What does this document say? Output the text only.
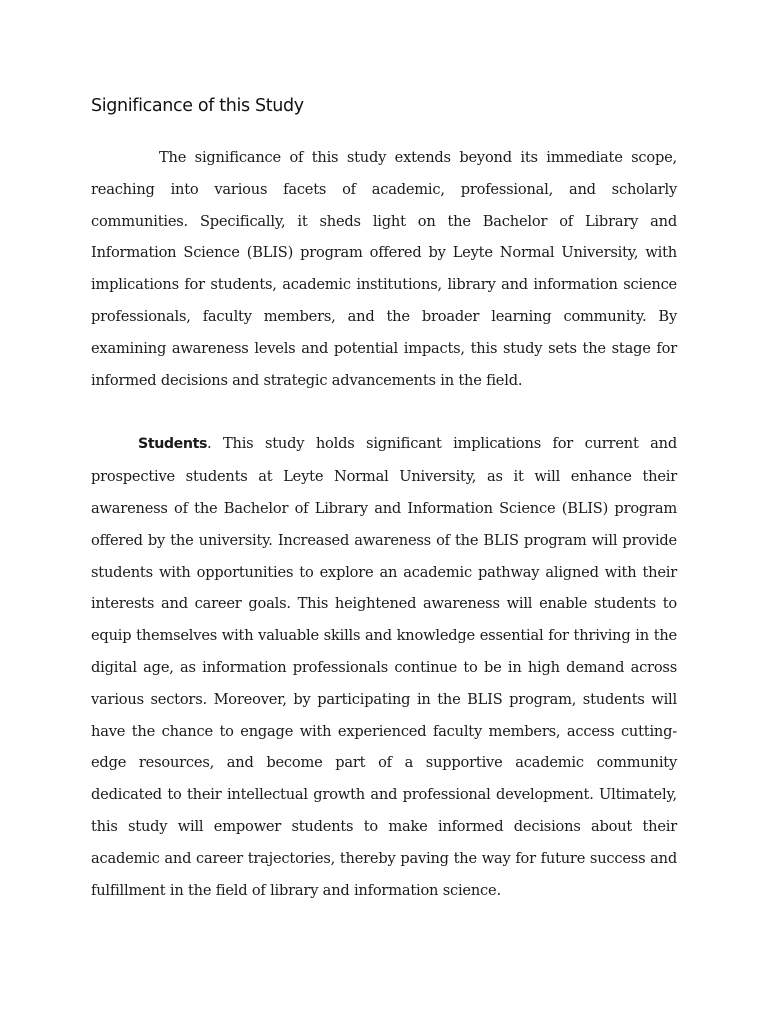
Significance of this Study

The significance of this study extends beyond its immediate scope, reaching into various facets of academic, professional, and scholarly communities. Specifically, it sheds light on the Bachelor of Library and Information Science (BLIS) program offered by Leyte Normal University, with implications for students, academic institutions, library and information science professionals, faculty members, and the broader learning community. By examining awareness levels and potential impacts, this study sets the stage for informed decisions and strategic advancements in the field.

Students. This study holds significant implications for current and prospective students at Leyte Normal University, as it will enhance their awareness of the Bachelor of Library and Information Science (BLIS) program offered by the university. Increased awareness of the BLIS program will provide students with opportunities to explore an academic pathway aligned with their interests and career goals. This heightened awareness will enable students to equip themselves with valuable skills and knowledge essential for thriving in the digital age, as information professionals continue to be in high demand across various sectors. Moreover, by participating in the BLIS program, students will have the chance to engage with experienced faculty members, access cutting-edge resources, and become part of a supportive academic community dedicated to their intellectual growth and professional development. Ultimately, this study will empower students to make informed decisions about their academic and career trajectories, thereby paving the way for future success and fulfillment in the field of library and information science.
